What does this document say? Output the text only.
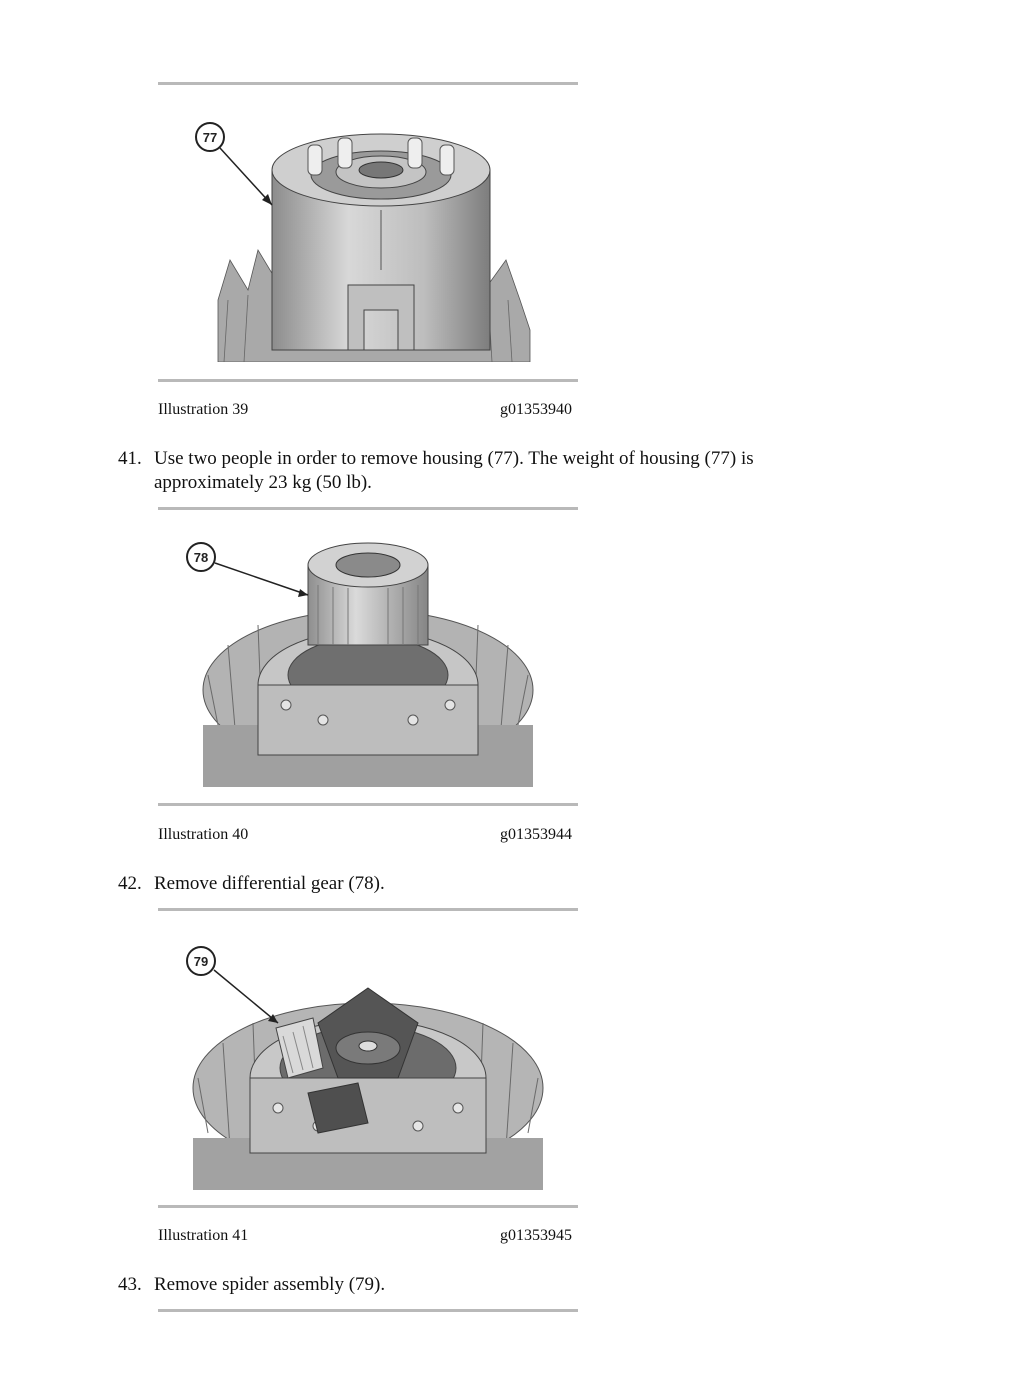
77
Illustration 39	g01353940
41. Use two people in order to remove housing (77). The weight of housing (77) is approximately 23 kg (50 lb).
78
Illustration 40	g01353944
42. Remove differential gear (78).
79
Illustration 41	g01353945
43. Remove spider assembly (79).
